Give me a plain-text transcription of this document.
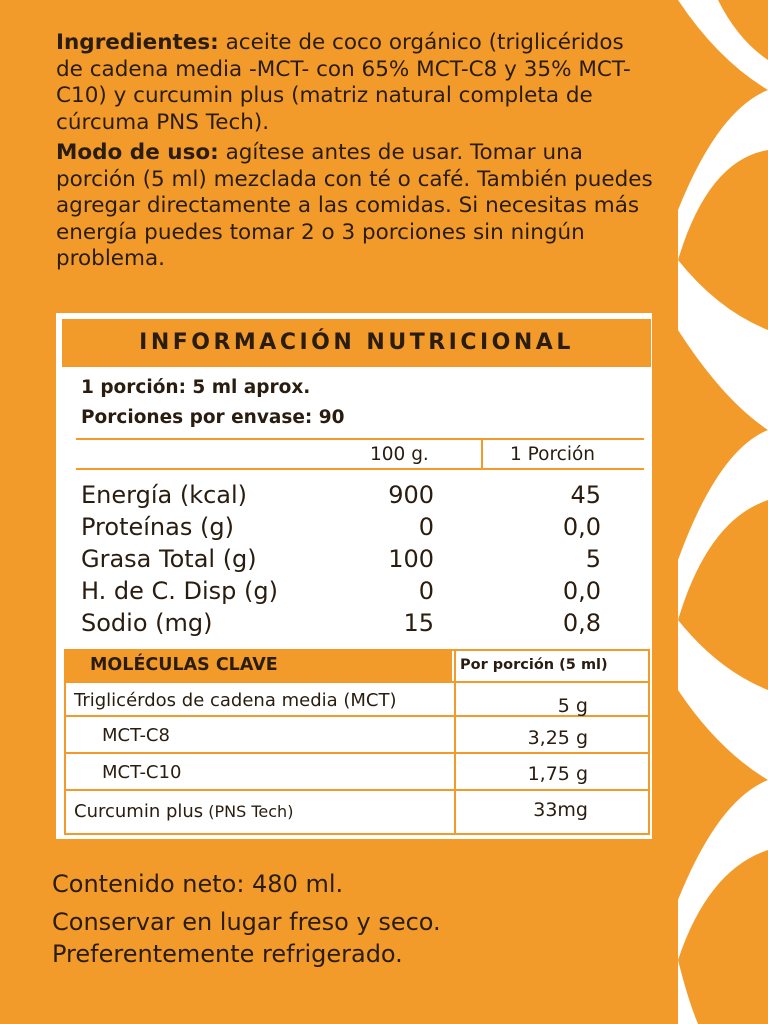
Ingredientes: aceite de coco orgánico (triglicéridos de cadena media -MCT- con 65% MCT-C8 y 35% MCT-C10) y curcumin plus (matriz natural completa de cúrcuma PNS Tech).

Modo de uso: agítese antes de usar. Tomar una porción (5 ml) mezclada con té o café. También puedes agregar directamente a las comidas. Si necesitas más energía puedes tomar 2 o 3 porciones sin ningún problema.

INFORMACIÓN NUTRICIONAL
1 porción: 5 ml aprox.
Porciones por envase: 90
100 g.	1 Porción
Energía (kcal)	900	45
Proteínas (g)	0	0,0
Grasa Total (g)	100	5
H. de C. Disp (g)	0	0,0
Sodio (mg)	15	0,8
MOLÉCULAS CLAVE	Por porción (5 ml)
Triglicérdos de cadena media (MCT)	5 g
MCT-C8	3,25 g
MCT-C10	1,75 g
Curcumin plus (PNS Tech)	33mg
Contenido neto: 480 ml.
Conservar en lugar freso y seco.
Preferentemente refrigerado.
